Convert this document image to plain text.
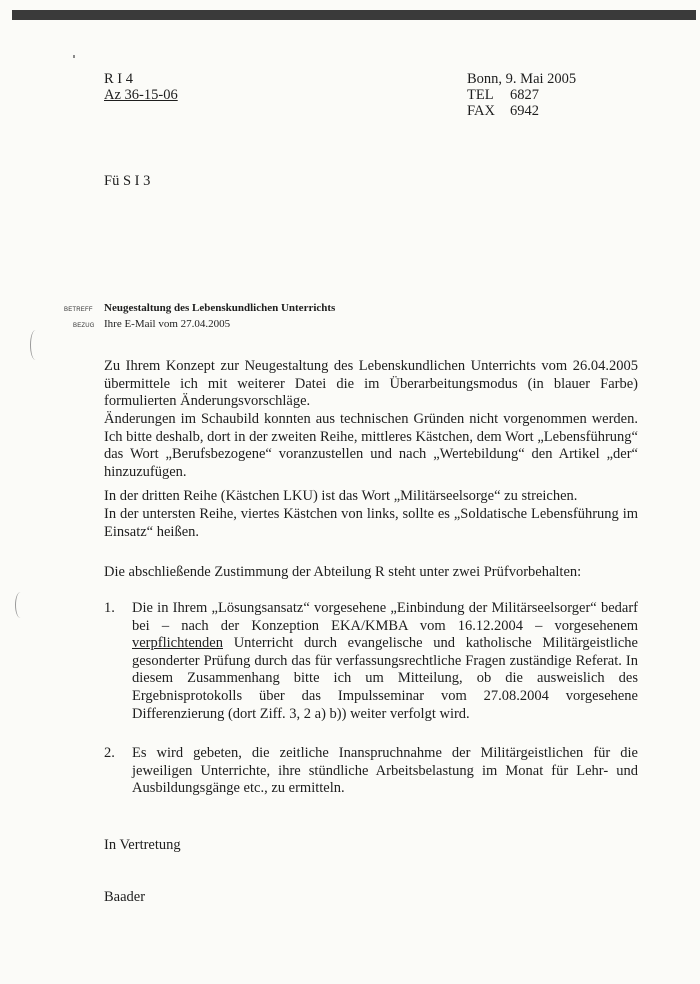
R I 4
Az 36-15-06
Bonn, 9. Mai 2005
TEL 6827
FAX 6942
Fü S I 3
BETREFF Neugestaltung des Lebenskundlichen Unterrichts
BEZUG Ihre E-Mail vom 27.04.2005
Zu Ihrem Konzept zur Neugestaltung des Lebenskundlichen Unterrichts vom 26.04.2005 übermittele ich mit weiterer Datei die im Überarbeitungsmodus (in blauer Farbe) formulierten Änderungsvorschläge.
Änderungen im Schaubild konnten aus technischen Gründen nicht vorgenommen werden. Ich bitte deshalb, dort in der zweiten Reihe, mittleres Kästchen, dem Wort „Lebensführung“ das Wort „Berufsbezogene“ voranzustellen und nach „Wertebildung“ den Artikel „der“ hinzuzufügen.
In der dritten Reihe (Kästchen LKU) ist das Wort „Militärseelsorge“ zu streichen.
In der untersten Reihe, viertes Kästchen von links, sollte es „Soldatische Lebensführung im Einsatz“ heißen.
Die abschließende Zustimmung der Abteilung R steht unter zwei Prüfvorbehalten:
1. Die in Ihrem „Lösungsansatz“ vorgesehene „Einbindung der Militärseelsorger“ bedarf bei – nach der Konzeption EKA/KMBA vom 16.12.2004 – vorgesehenem verpflichtenden Unterricht durch evangelische und katholische Militärgeistliche gesonderter Prüfung durch das für verfassungsrechtliche Fragen zuständige Referat. In diesem Zusammenhang bitte ich um Mitteilung, ob die ausweislich des Ergebnisprotokolls über das Impulsseminar vom 27.08.2004 vorgesehene Differenzierung (dort Ziff. 3, 2 a) b)) weiter verfolgt wird.
2. Es wird gebeten, die zeitliche Inanspruchnahme der Militärgeistlichen für die jeweiligen Unterrichte, ihre stündliche Arbeitsbelastung im Monat für Lehr- und Ausbildungsgänge etc., zu ermitteln.
In Vertretung
Baader
